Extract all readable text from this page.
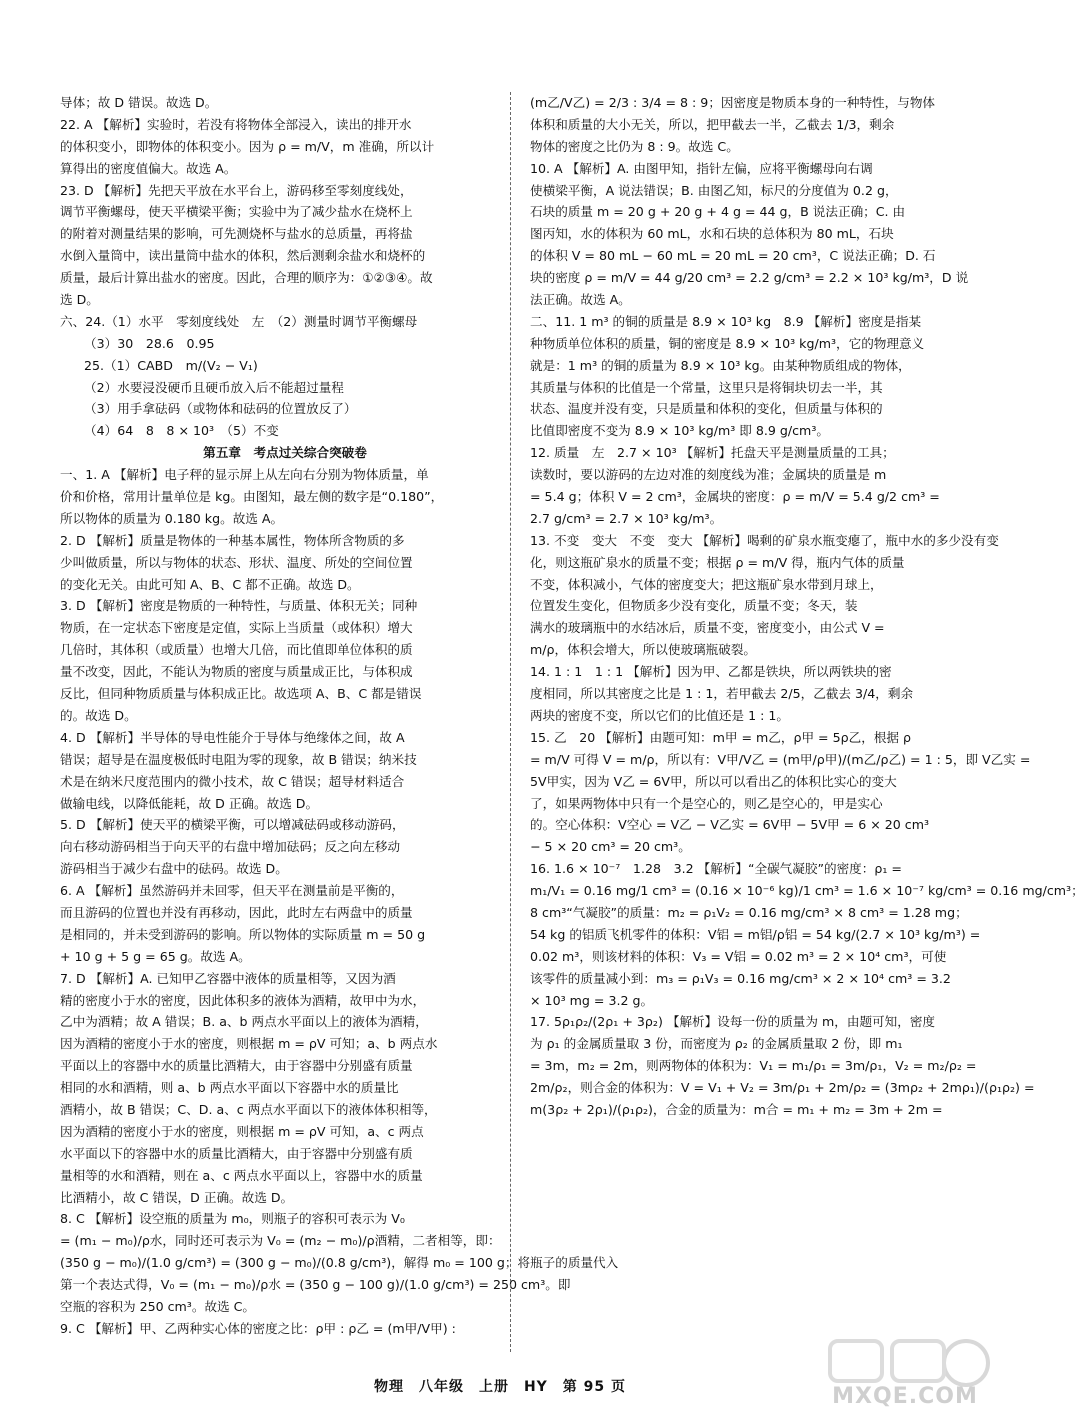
导体；故 D 错误。故选 D。
22. A 【解析】实验时，若没有将物体全部浸入，读出的排开水
的体积变小，即物体的体积变小。因为 ρ = m/V，m 准确，所以计
算得出的密度值偏大。故选 A。
23. D 【解析】先把天平放在水平台上，游码移至零刻度线处，
调节平衡螺母，使天平横梁平衡；实验中为了减少盐水在烧杯上
的附着对测量结果的影响，可先测烧杯与盐水的总质量，再将盐
水倒入量筒中，读出量筒中盐水的体积，然后测剩余盐水和烧杯的
质量，最后计算出盐水的密度。因此，合理的顺序为：①②③④。故
选 D。
六、24.（1）水平　零刻度线处　左　（2）测量时调节平衡螺母
（3）30　28.6　0.95
25.（1）CABD　m/(V₂ − V₁)
（2）水要浸没硬币且硬币放入后不能超过量程
（3）用手拿砝码（或物体和砝码的位置放反了）
（4）64　8　8 × 10³　（5）不变
第五章　考点过关综合突破卷
一、1. A 【解析】电子秤的显示屏上从左向右分别为物体质量，单
价和价格，常用计量单位是 kg。由图知，最左侧的数字是“0.180”，
所以物体的质量为 0.180 kg。故选 A。
2. D 【解析】质量是物体的一种基本属性，物体所含物质的多
少叫做质量，所以与物体的状态、形状、温度、所处的空间位置
的变化无关。由此可知 A、B、C 都不正确。故选 D。
3. D 【解析】密度是物质的一种特性，与质量、体积无关；同种
物质，在一定状态下密度是定值，实际上当质量（或体积）增大
几倍时，其体积（或质量）也增大几倍，而比值即单位体积的质
量不改变，因此，不能认为物质的密度与质量成正比，与体积成
反比，但同种物质质量与体积成正比。故选项 A、B、C 都是错误
的。故选 D。
4. D 【解析】半导体的导电性能介于导体与绝缘体之间，故 A
错误；超导是在温度极低时电阻为零的现象，故 B 错误；纳米技
术是在纳米尺度范围内的微小技术，故 C 错误；超导材料适合
做输电线，以降低能耗，故 D 正确。故选 D。
5. D 【解析】使天平的横梁平衡，可以增减砝码或移动游码，
向右移动游码相当于向天平的右盘中增加砝码；反之向左移动
游码相当于减少右盘中的砝码。故选 D。
6. A 【解析】虽然游码并未回零，但天平在测量前是平衡的，
而且游码的位置也并没有再移动，因此，此时左右两盘中的质量
是相同的，并未受到游码的影响。所以物体的实际质量 m = 50 g
+ 10 g + 5 g = 65 g。故选 A。
7. D 【解析】A. 已知甲乙容器中液体的质量相等，又因为酒
精的密度小于水的密度，因此体积多的液体为酒精，故甲中为水，
乙中为酒精；故 A 错误；B. a、b 两点水平面以上的液体为酒精，
因为酒精的密度小于水的密度，则根据 m = ρV 可知；a、b 两点水
平面以上的容器中水的质量比酒精大，由于容器中分别盛有质量
相同的水和酒精，则 a、b 两点水平面以下容器中水的质量比
酒精小，故 B 错误；C、D. a、c 两点水平面以下的液体体积相等，
因为酒精的密度小于水的密度，则根据 m = ρV 可知，a、c 两点
水平面以下的容器中水的质量比酒精大，由于容器中分别盛有质
量相等的水和酒精，则在 a、c 两点水平面以上，容器中水的质量
比酒精小，故 C 错误，D 正确。故选 D。
8. C 【解析】设空瓶的质量为 m₀，则瓶子的容积可表示为 V₀
= (m₁ − m₀)/ρ水，同时还可表示为 V₀ = (m₂ − m₀)/ρ酒精，二者相等，即：
(350 g − m₀)/(1.0 g/cm³) = (300 g − m₀)/(0.8 g/cm³)，解得 m₀ = 100 g；将瓶子的质量代入
第一个表达式得，V₀ = (m₁ − m₀)/ρ水 = (350 g − 100 g)/(1.0 g/cm³) = 250 cm³。即
空瓶的容积为 250 cm³。故选 C。
9. C 【解析】甲、乙两种实心体的密度之比：ρ甲 : ρ乙 = (m甲/V甲) :
(m乙/V乙) = 2/3 : 3/4 = 8 : 9；因密度是物质本身的一种特性，与物体
体积和质量的大小无关，所以，把甲截去一半，乙截去 1/3，剩余
物体的密度之比仍为 8 : 9。故选 C。
10. A 【解析】A. 由图甲知，指针左偏，应将平衡螺母向右调
使横梁平衡，A 说法错误；B. 由图乙知，标尺的分度值为 0.2 g，
石块的质量 m = 20 g + 20 g + 4 g = 44 g，B 说法正确；C. 由
图丙知，水的体积为 60 mL，水和石块的总体积为 80 mL，石块
的体积 V = 80 mL − 60 mL = 20 mL = 20 cm³，C 说法正确；D. 石
块的密度 ρ = m/V = 44 g/20 cm³ = 2.2 g/cm³ = 2.2 × 10³ kg/m³，D 说
法正确。故选 A。
二、11. 1 m³ 的铜的质量是 8.9 × 10³ kg　8.9 【解析】密度是指某
种物质单位体积的质量，铜的密度是 8.9 × 10³ kg/m³，它的物理意义
就是：1 m³ 的铜的质量为 8.9 × 10³ kg。由某种物质组成的物体，
其质量与体积的比值是一个常量，这里只是将铜块切去一半，其
状态、温度并没有变，只是质量和体积的变化，但质量与体积的
比值即密度不变为 8.9 × 10³ kg/m³ 即 8.9 g/cm³。
12. 质量　左　2.7 × 10³ 【解析】托盘天平是测量质量的工具；
读数时，要以游码的左边对准的刻度线为准；金属块的质量是 m
= 5.4 g；体积 V = 2 cm³，金属块的密度：ρ = m/V = 5.4 g/2 cm³ =
2.7 g/cm³ = 2.7 × 10³ kg/m³。
13. 不变　变大　不变　变大 【解析】喝剩的矿泉水瓶变瘪了，瓶中水的多少没有变
化，则这瓶矿泉水的质量不变；根据 ρ = m/V 得，瓶内气体的质量
不变，体积减小，气体的密度变大；把这瓶矿泉水带到月球上，
位置发生变化，但物质多少没有变化，质量不变；冬天，装
满水的玻璃瓶中的水结冰后，质量不变，密度变小，由公式 V =
m/ρ，体积会增大，所以使玻璃瓶破裂。
14. 1 : 1　1 : 1 【解析】因为甲、乙都是铁块，所以两铁块的密
度相同，所以其密度之比是 1 : 1，若甲截去 2/5，乙截去 3/4，剩余
两块的密度不变，所以它们的比值还是 1 : 1。
15. 乙　20 【解析】由题可知：m甲 = m乙，ρ甲 = 5ρ乙，根据 ρ
= m/V 可得 V = m/ρ，所以有：V甲/V乙 = (m甲/ρ甲)/(m乙/ρ乙) = 1 : 5，即 V乙实 =
5V甲实，因为 V乙 = 6V甲，所以可以看出乙的体积比实心的变大
了，如果两物体中只有一个是空心的，则乙是空心的，甲是实心
的。空心体积：V空心 = V乙 − V乙实 = 6V甲 − 5V甲 = 6 × 20 cm³
− 5 × 20 cm³ = 20 cm³。
16. 1.6 × 10⁻⁷　1.28　3.2 【解析】“全碳气凝胶”的密度：ρ₁ =
m₁/V₁ = 0.16 mg/1 cm³ = (0.16 × 10⁻⁶ kg)/1 cm³ = 1.6 × 10⁻⁷ kg/cm³ = 0.16 mg/cm³；
8 cm³“气凝胶”的质量：m₂ = ρ₁V₂ = 0.16 mg/cm³ × 8 cm³ = 1.28 mg；
54 kg 的铝质飞机零件的体积：V铝 = m铝/ρ铝 = 54 kg/(2.7 × 10³ kg/m³) =
0.02 m³，则该材料的体积：V₃ = V铝 = 0.02 m³ = 2 × 10⁴ cm³，可使
该零件的质量减小到：m₃ = ρ₁V₃ = 0.16 mg/cm³ × 2 × 10⁴ cm³ = 3.2
× 10³ mg = 3.2 g。
17. 5ρ₁ρ₂/(2ρ₁ + 3ρ₂) 【解析】设每一份的质量为 m，由题可知，密度
为 ρ₁ 的金属质量取 3 份，而密度为 ρ₂ 的金属质量取 2 份，即 m₁
= 3m，m₂ = 2m，则两物体的体积为：V₁ = m₁/ρ₁ = 3m/ρ₁，V₂ = m₂/ρ₂ =
2m/ρ₂，则合金的体积为：V = V₁ + V₂ = 3m/ρ₁ + 2m/ρ₂ = (3mρ₂ + 2mρ₁)/(ρ₁ρ₂) =
m(3ρ₂ + 2ρ₁)/(ρ₁ρ₂)，合金的质量为：m合 = m₁ + m₂ = 3m + 2m =
物理　八年级　上册　HY　第 95 页	MXQE.COM
